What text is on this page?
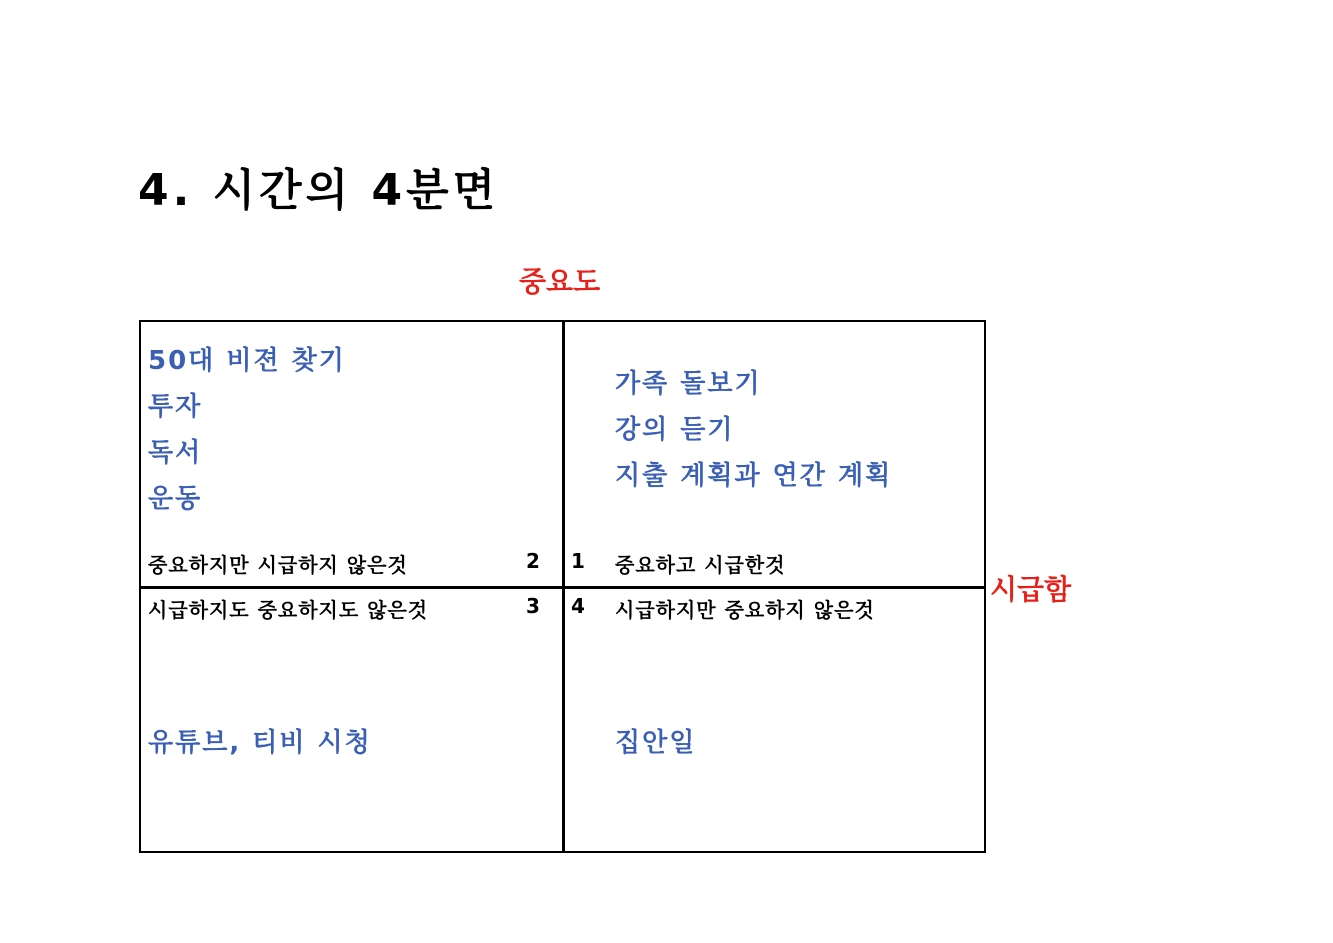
4. 시간의 4분면
중요도
시급함
50대 비젼 찾기
투자
독서
운동
중요하지만 시급하지 않은것	2
가족 돌보기
강의 듣기
지출 계획과 연간 계획
1 중요하고 시급한것
시급하지도 중요하지도 않은것	3
유튜브, 티비 시청
4 시급하지만 중요하지 않은것
집안일
